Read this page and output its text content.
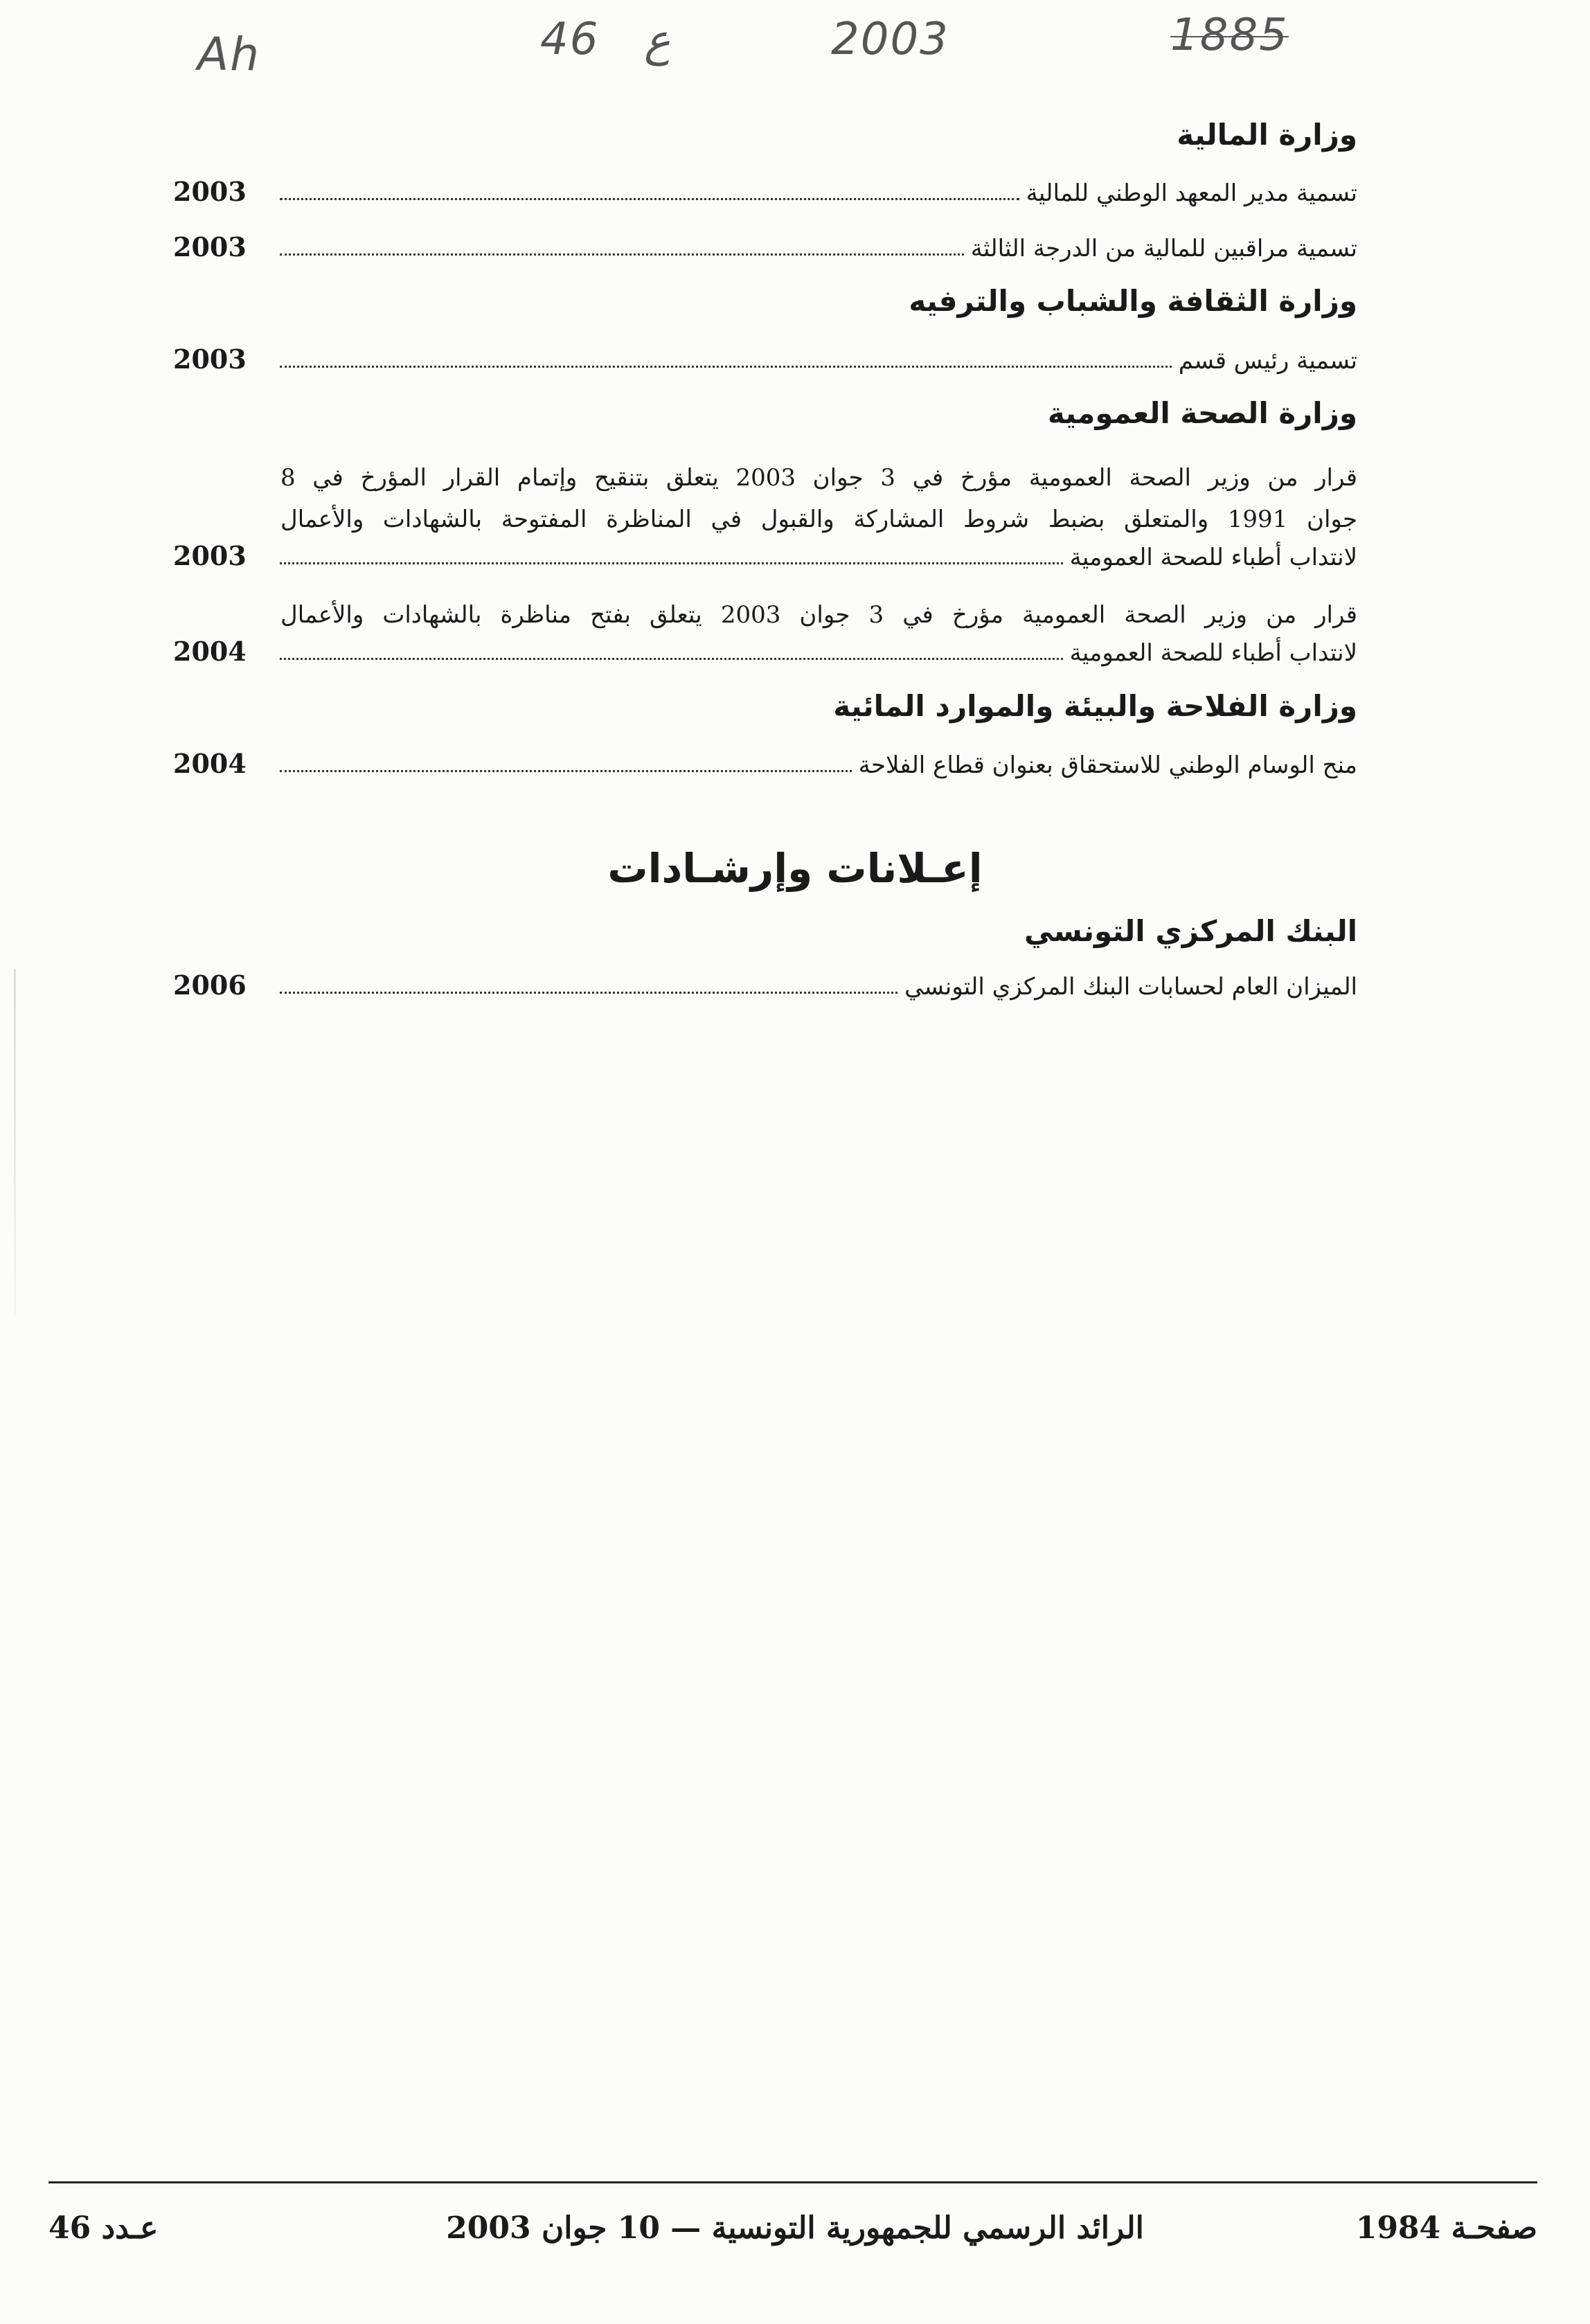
Ah	46 ع	2003	1885
وزارة المالية
تسمية مدير المعهد الوطني للمالية
2003
تسمية مراقبين للمالية من الدرجة الثالثة
2003
وزارة الثقافة والشباب والترفيه
تسمية رئيس قسم
2003
وزارة الصحة العمومية
قرار من وزير الصحة العمومية مؤرخ في 3 جوان 2003 يتعلق بتنقيح وإتمام القرار المؤرخ في 8
جوان 1991 والمتعلق بضبط شروط المشاركة والقبول في المناظرة المفتوحة بالشهادات والأعمال
لانتداب أطباء للصحة العمومية
2003
قرار من وزير الصحة العمومية مؤرخ في 3 جوان 2003 يتعلق بفتح مناظرة بالشهادات والأعمال
لانتداب أطباء للصحة العمومية
2004
وزارة الفلاحة والبيئة والموارد المائية
منح الوسام الوطني للاستحقاق بعنوان قطاع الفلاحة
2004
البنك المركزي التونسي
الميزان العام لحسابات البنك المركزي التونسي
2006
إعـلانات وإرشـادات
عـدد 46	الرائد الرسمي للجمهورية التونسية — 10 جوان 2003	صفحـة 1984
